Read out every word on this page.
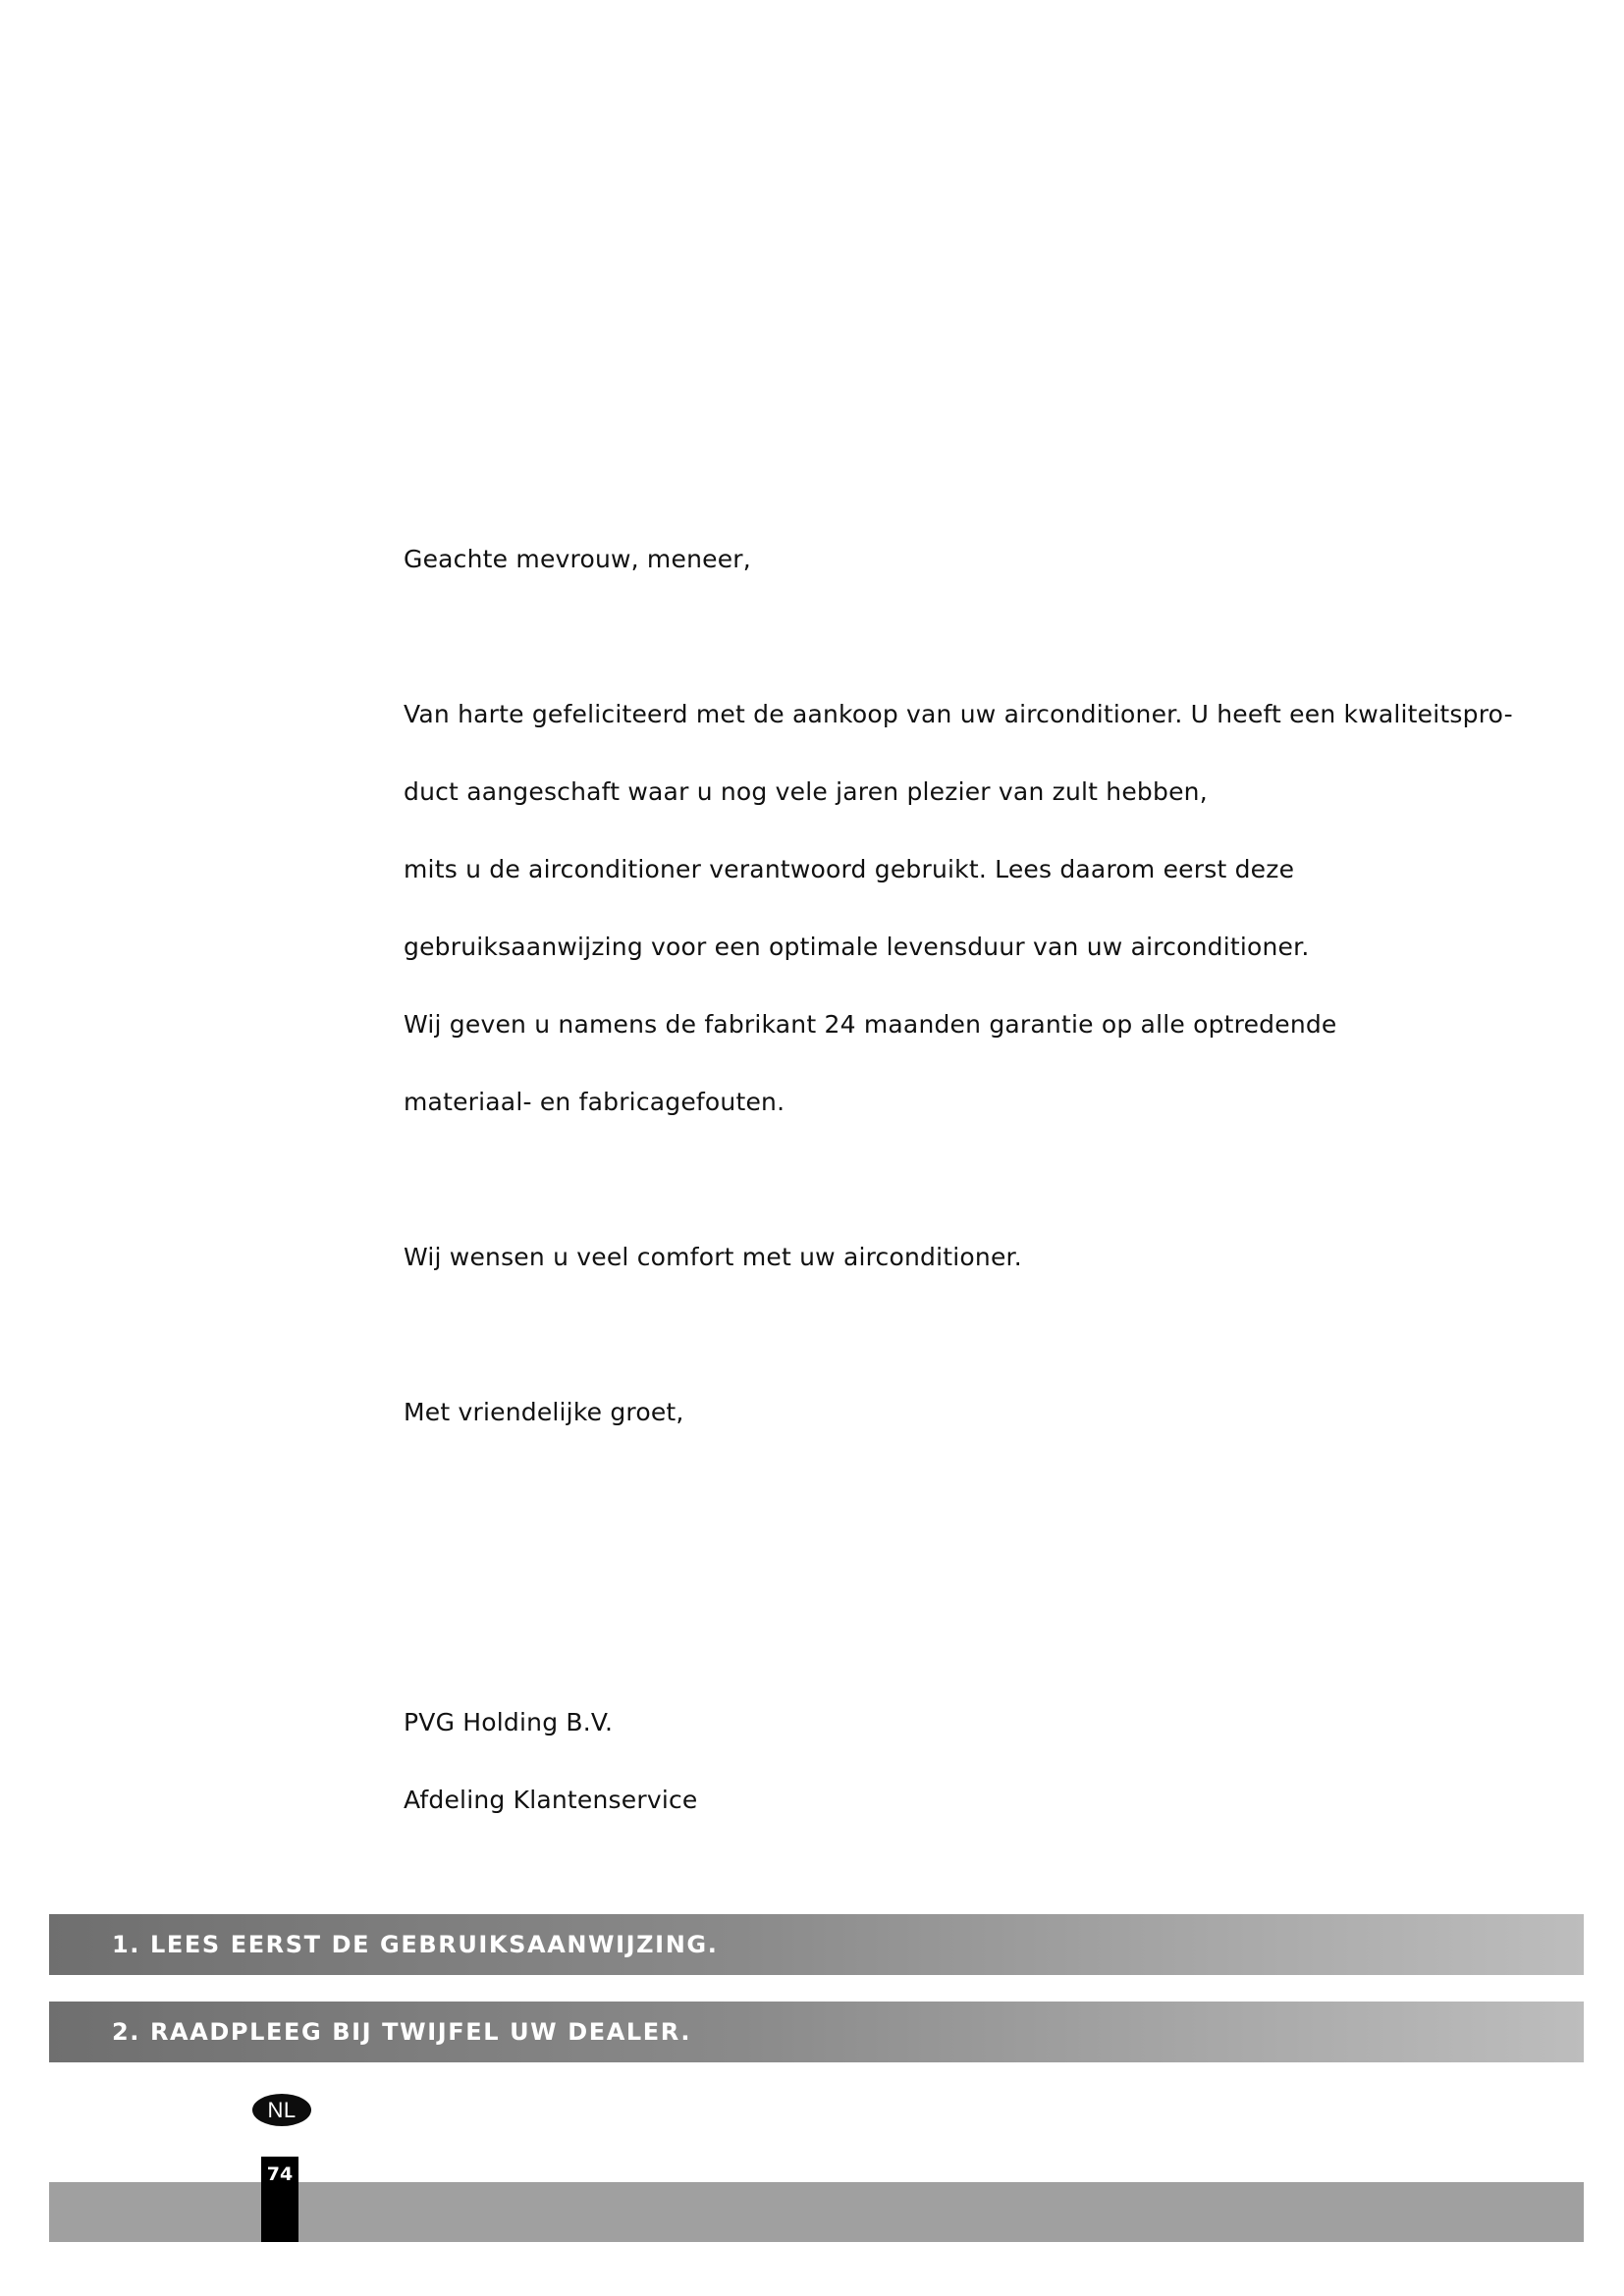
Geachte mevrouw, meneer,

Van harte gefeliciteerd met de aankoop van uw airconditioner. U heeft een kwaliteitspro-

duct aangeschaft waar u nog vele jaren plezier van zult hebben,

mits u de airconditioner verantwoord gebruikt. Lees daarom eerst deze

gebruiksaanwijzing voor een optimale levensduur van uw airconditioner.

Wij geven u namens de fabrikant 24 maanden garantie op alle optredende

materiaal- en fabricagefouten.

Wij wensen u veel comfort met uw airconditioner.

Met vriendelijke groet,

PVG Holding B.V.

Afdeling Klantenservice

1. LEES EERST DE GEBRUIKSAANWIJZING.
2. RAADPLEEG BIJ TWIJFEL UW DEALER.
NL
74
